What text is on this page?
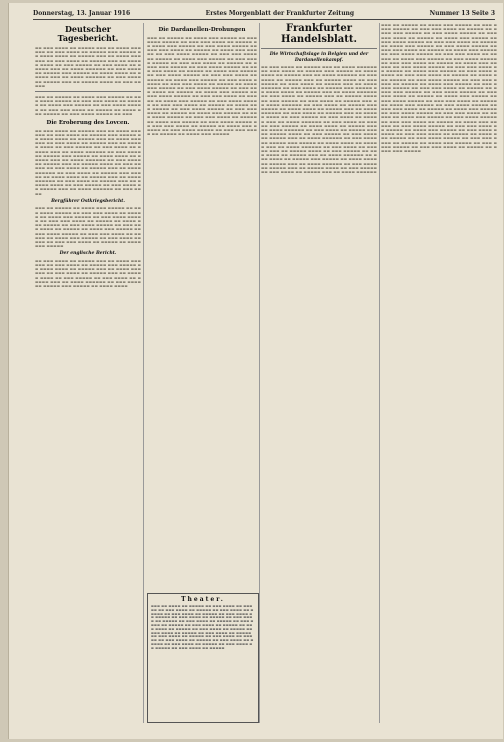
Donnerstag, 13. Januar 1916	Erstes Morgenblatt der Frankfurter Zeitung	Nummer 13 Seite 3
Deutscher Tagesbericht.
▬▬ ▬▬▬ ▬▬▬▬ ▬▬ ▬▬▬▬▬ ▬▬▬ ▬▬ ▬▬▬▬ ▬▬▬▬▬▬ ▬▬ ▬▬▬ ▬▬▬▬ ▬▬ ▬▬▬▬▬ ▬▬▬ ▬▬▬▬▬ ▬▬ ▬▬▬▬ ▬▬▬▬ ▬▬ ▬▬▬▬▬ ▬▬▬ ▬▬ ▬▬▬▬ ▬▬▬▬▬▬ ▬▬ ▬▬▬ ▬▬▬▬ ▬▬ ▬▬▬▬▬ ▬▬▬ ▬▬ ▬▬▬▬▬ ▬▬▬▬ ▬▬ ▬▬▬ ▬▬▬▬▬ ▬▬ ▬▬▬ ▬▬▬▬ ▬▬ ▬▬▬▬▬ ▬▬▬ ▬▬ ▬▬▬▬ ▬▬▬▬▬▬ ▬▬ ▬▬▬ ▬▬▬▬ ▬▬ ▬▬▬▬▬ ▬▬▬ ▬▬▬▬▬ ▬▬ ▬▬▬▬ ▬▬▬▬ ▬▬ ▬▬▬▬▬ ▬▬▬ ▬▬ ▬▬▬▬ ▬▬▬▬▬▬ ▬▬ ▬▬▬ ▬▬▬▬ ▬▬ ▬▬▬▬▬ ▬▬▬ ▬▬ ▬▬▬▬▬ ▬▬▬▬ ▬▬ ▬▬▬ ▬▬▬▬▬
▬▬▬ ▬▬ ▬▬▬▬▬ ▬▬ ▬▬▬▬ ▬▬▬ ▬▬▬▬▬ ▬▬ ▬▬▬ ▬▬▬▬ ▬▬▬▬▬ ▬▬ ▬▬▬ ▬▬▬ ▬▬▬▬ ▬▬ ▬▬▬▬▬ ▬▬ ▬▬▬▬ ▬▬▬ ▬▬▬▬▬ ▬▬ ▬▬▬ ▬▬▬▬ ▬▬▬▬▬ ▬▬ ▬▬▬ ▬▬▬ ▬▬▬▬ ▬▬ ▬▬▬▬▬ ▬▬ ▬▬▬▬ ▬▬▬ ▬▬▬▬▬ ▬▬ ▬▬▬ ▬▬▬▬ ▬▬▬▬▬ ▬▬ ▬▬▬
Die Eroberung des Lovcen.
▬▬ ▬▬▬ ▬▬▬▬ ▬▬ ▬▬▬▬▬ ▬▬▬ ▬▬ ▬▬▬▬ ▬▬▬▬▬▬ ▬▬ ▬▬▬ ▬▬▬▬ ▬▬ ▬▬▬▬▬ ▬▬▬ ▬▬▬▬▬ ▬▬ ▬▬▬▬ ▬▬▬▬ ▬▬ ▬▬▬▬▬ ▬▬▬ ▬▬ ▬▬▬▬ ▬▬▬▬▬▬ ▬▬ ▬▬▬ ▬▬▬▬ ▬▬ ▬▬▬▬▬ ▬▬▬ ▬▬ ▬▬▬▬▬ ▬▬▬▬ ▬▬ ▬▬▬ ▬▬▬▬▬ ▬▬ ▬▬▬ ▬▬▬▬ ▬▬ ▬▬▬▬▬ ▬▬▬ ▬▬ ▬▬▬▬ ▬▬▬▬▬▬ ▬▬ ▬▬▬ ▬▬▬▬ ▬▬ ▬▬▬▬▬ ▬▬▬ ▬▬▬▬▬ ▬▬ ▬▬▬▬ ▬▬▬▬ ▬▬ ▬▬▬▬▬ ▬▬▬ ▬▬ ▬▬▬▬ ▬▬▬▬▬▬ ▬▬ ▬▬▬ ▬▬▬▬ ▬▬ ▬▬▬▬▬ ▬▬▬ ▬▬ ▬▬▬▬▬ ▬▬▬▬ ▬▬ ▬▬▬ ▬▬▬▬▬ ▬▬ ▬▬▬ ▬▬▬▬ ▬▬ ▬▬▬▬▬ ▬▬▬ ▬▬ ▬▬▬▬ ▬▬▬▬▬▬ ▬▬ ▬▬▬ ▬▬▬▬ ▬▬ ▬▬▬▬▬ ▬▬▬ ▬▬▬▬▬ ▬▬ ▬▬▬▬ ▬▬▬▬ ▬▬ ▬▬▬▬▬ ▬▬▬ ▬▬ ▬▬▬▬ ▬▬▬▬▬▬ ▬▬ ▬▬▬ ▬▬▬▬ ▬▬ ▬▬▬▬▬ ▬▬▬ ▬▬ ▬▬▬▬▬ ▬▬▬▬ ▬▬ ▬▬▬ ▬▬▬▬▬ ▬▬ ▬▬▬ ▬▬▬▬ ▬▬ ▬▬▬▬▬ ▬▬▬ ▬▬ ▬▬▬▬ ▬▬▬▬▬▬ ▬▬ ▬▬▬ ▬▬▬▬
Bergführer Ostkriegsbericht.
▬▬▬ ▬▬ ▬▬▬▬▬ ▬▬ ▬▬▬▬ ▬▬▬ ▬▬▬▬▬ ▬▬ ▬▬▬ ▬▬▬▬ ▬▬▬▬▬ ▬▬ ▬▬▬ ▬▬▬ ▬▬▬▬ ▬▬ ▬▬▬▬▬ ▬▬ ▬▬▬▬ ▬▬▬ ▬▬▬▬▬ ▬▬ ▬▬▬ ▬▬▬▬ ▬▬▬▬▬ ▬▬ ▬▬▬ ▬▬▬ ▬▬▬▬ ▬▬ ▬▬▬▬▬ ▬▬ ▬▬▬▬ ▬▬▬ ▬▬▬▬▬ ▬▬ ▬▬▬ ▬▬▬▬ ▬▬▬▬▬ ▬▬ ▬▬▬ ▬▬▬ ▬▬▬▬ ▬▬ ▬▬▬▬▬ ▬▬ ▬▬▬▬ ▬▬▬ ▬▬▬▬▬ ▬▬ ▬▬▬ ▬▬▬▬ ▬▬▬▬▬ ▬▬ ▬▬▬ ▬▬▬ ▬▬▬▬ ▬▬ ▬▬▬▬▬ ▬▬ ▬▬▬▬ ▬▬▬ ▬▬▬▬▬ ▬▬ ▬▬▬ ▬▬▬▬ ▬▬▬▬▬ ▬▬ ▬▬▬ ▬▬▬ ▬▬▬▬ ▬▬ ▬▬▬▬▬ ▬▬ ▬▬▬▬ ▬▬▬ ▬▬▬▬▬
Der englische Bericht.
▬▬ ▬▬▬ ▬▬▬▬ ▬▬ ▬▬▬▬▬ ▬▬▬ ▬▬ ▬▬▬▬ ▬▬▬▬▬▬ ▬▬ ▬▬▬ ▬▬▬▬ ▬▬ ▬▬▬▬▬ ▬▬▬ ▬▬▬▬▬ ▬▬ ▬▬▬▬ ▬▬▬▬ ▬▬ ▬▬▬▬▬ ▬▬▬ ▬▬ ▬▬▬▬ ▬▬▬▬▬▬ ▬▬ ▬▬▬ ▬▬▬▬ ▬▬ ▬▬▬▬▬ ▬▬▬ ▬▬ ▬▬▬▬▬ ▬▬▬▬ ▬▬ ▬▬▬ ▬▬▬▬▬ ▬▬ ▬▬▬ ▬▬▬▬ ▬▬ ▬▬▬▬▬ ▬▬▬ ▬▬ ▬▬▬▬ ▬▬▬▬▬▬ ▬▬ ▬▬▬ ▬▬▬▬ ▬▬ ▬▬▬▬▬ ▬▬▬ ▬▬▬▬▬ ▬▬ ▬▬▬▬ ▬▬▬▬
Die Dardanellen-Drohungen
▬▬▬ ▬▬ ▬▬▬▬▬ ▬▬ ▬▬▬▬ ▬▬▬ ▬▬▬▬▬ ▬▬ ▬▬▬ ▬▬▬▬ ▬▬▬▬▬ ▬▬ ▬▬▬ ▬▬▬ ▬▬▬▬ ▬▬ ▬▬▬▬▬ ▬▬ ▬▬▬▬ ▬▬▬ ▬▬▬▬▬ ▬▬ ▬▬▬ ▬▬▬▬ ▬▬▬▬▬ ▬▬ ▬▬▬ ▬▬▬ ▬▬▬▬ ▬▬ ▬▬▬▬▬ ▬▬ ▬▬▬▬ ▬▬▬ ▬▬▬▬▬ ▬▬ ▬▬▬ ▬▬▬▬ ▬▬▬▬▬ ▬▬ ▬▬▬ ▬▬▬ ▬▬▬▬ ▬▬ ▬▬▬▬▬ ▬▬ ▬▬▬▬ ▬▬▬ ▬▬▬▬▬ ▬▬ ▬▬▬ ▬▬▬▬ ▬▬▬▬▬ ▬▬ ▬▬▬ ▬▬▬ ▬▬▬▬ ▬▬ ▬▬▬▬▬ ▬▬ ▬▬▬▬ ▬▬▬ ▬▬▬▬▬ ▬▬ ▬▬▬ ▬▬▬▬ ▬▬▬▬▬ ▬▬ ▬▬▬ ▬▬▬ ▬▬▬▬ ▬▬ ▬▬▬▬▬ ▬▬ ▬▬▬▬ ▬▬▬ ▬▬▬▬▬ ▬▬ ▬▬▬ ▬▬▬▬ ▬▬▬▬▬ ▬▬ ▬▬▬ ▬▬▬ ▬▬▬▬ ▬▬ ▬▬▬▬▬ ▬▬ ▬▬▬▬ ▬▬▬ ▬▬▬▬▬ ▬▬ ▬▬▬ ▬▬▬▬ ▬▬▬▬▬ ▬▬ ▬▬▬ ▬▬▬ ▬▬▬▬ ▬▬ ▬▬▬▬▬ ▬▬ ▬▬▬▬ ▬▬▬ ▬▬▬▬▬ ▬▬ ▬▬▬ ▬▬▬▬ ▬▬▬▬▬ ▬▬ ▬▬▬ ▬▬▬ ▬▬▬▬ ▬▬ ▬▬▬▬▬ ▬▬ ▬▬▬▬ ▬▬▬ ▬▬▬▬▬ ▬▬ ▬▬▬ ▬▬▬▬ ▬▬▬▬▬ ▬▬ ▬▬▬ ▬▬▬ ▬▬▬▬ ▬▬ ▬▬▬▬▬ ▬▬ ▬▬▬▬ ▬▬▬ ▬▬▬▬▬ ▬▬ ▬▬▬ ▬▬▬▬ ▬▬▬▬▬ ▬▬ ▬▬▬ ▬▬▬ ▬▬▬▬ ▬▬ ▬▬▬▬▬ ▬▬ ▬▬▬▬ ▬▬▬ ▬▬▬▬▬ ▬▬ ▬▬▬ ▬▬▬▬ ▬▬▬▬▬ ▬▬ ▬▬▬ ▬▬▬ ▬▬▬▬ ▬▬ ▬▬▬▬▬ ▬▬ ▬▬▬▬ ▬▬▬ ▬▬▬▬▬ ▬▬ ▬▬▬ ▬▬▬▬ ▬▬▬▬▬ ▬▬ ▬▬▬ ▬▬▬ ▬▬▬▬ ▬▬ ▬▬▬▬▬ ▬▬ ▬▬▬▬ ▬▬▬ ▬▬▬▬▬ ▬▬ ▬▬▬ ▬▬▬▬ ▬▬▬▬▬ ▬▬ ▬▬▬ ▬▬▬ ▬▬▬▬ ▬▬ ▬▬▬▬▬ ▬▬ ▬▬▬▬ ▬▬▬ ▬▬▬▬▬ ▬▬ ▬▬▬ ▬▬▬▬ ▬▬▬▬▬ ▬▬ ▬▬▬ ▬▬▬ ▬▬▬▬ ▬▬ ▬▬▬▬▬ ▬▬ ▬▬▬▬ ▬▬▬ ▬▬▬▬▬
Theater.
▬▬▬ ▬▬ ▬▬▬▬ ▬▬ ▬▬▬▬▬ ▬▬ ▬▬▬ ▬▬▬▬ ▬▬ ▬▬▬▬▬ ▬▬ ▬▬▬ ▬▬▬▬ ▬▬ ▬▬▬▬▬ ▬▬ ▬▬▬ ▬▬▬▬ ▬▬ ▬▬▬▬▬ ▬▬ ▬▬▬ ▬▬▬▬ ▬▬ ▬▬▬▬▬ ▬▬ ▬▬▬ ▬▬▬▬ ▬▬ ▬▬▬▬▬ ▬▬ ▬▬▬ ▬▬▬▬ ▬▬ ▬▬▬▬▬ ▬▬ ▬▬▬ ▬▬▬▬ ▬▬ ▬▬▬▬▬ ▬▬ ▬▬▬ ▬▬▬▬ ▬▬ ▬▬▬▬▬ ▬▬ ▬▬▬ ▬▬▬▬ ▬▬ ▬▬▬▬▬ ▬▬ ▬▬▬ ▬▬▬▬ ▬▬ ▬▬▬▬▬ ▬▬ ▬▬▬ ▬▬▬▬ ▬▬ ▬▬▬▬▬ ▬▬ ▬▬▬ ▬▬▬▬ ▬▬ ▬▬▬▬▬ ▬▬ ▬▬▬ ▬▬▬▬ ▬▬ ▬▬▬▬▬ ▬▬ ▬▬▬ ▬▬▬▬ ▬▬ ▬▬▬▬▬ ▬▬ ▬▬▬ ▬▬▬▬ ▬▬ ▬▬▬▬▬ ▬▬ ▬▬▬ ▬▬▬▬ ▬▬ ▬▬▬▬▬ ▬▬ ▬▬▬ ▬▬▬▬ ▬▬ ▬▬▬▬▬ ▬▬ ▬▬▬ ▬▬▬▬ ▬▬ ▬▬▬▬▬ ▬▬ ▬▬▬ ▬▬▬▬ ▬▬ ▬▬▬▬▬ ▬▬ ▬▬▬ ▬▬▬▬ ▬▬ ▬▬▬▬▬ ▬▬ ▬▬▬ ▬▬▬▬ ▬▬ ▬▬▬▬▬
Frankfurter Handelsblatt.
Die Wirtschaftslage in Belgien und der Dardanellenkampf.
▬▬ ▬▬▬ ▬▬▬▬ ▬▬ ▬▬▬▬▬ ▬▬▬ ▬▬ ▬▬▬▬ ▬▬▬▬▬▬ ▬▬ ▬▬▬ ▬▬▬▬ ▬▬ ▬▬▬▬▬ ▬▬▬ ▬▬▬▬▬ ▬▬ ▬▬▬▬ ▬▬▬▬ ▬▬ ▬▬▬▬▬ ▬▬▬ ▬▬ ▬▬▬▬ ▬▬▬▬▬▬ ▬▬ ▬▬▬ ▬▬▬▬ ▬▬ ▬▬▬▬▬ ▬▬▬ ▬▬ ▬▬▬▬▬ ▬▬▬▬ ▬▬ ▬▬▬ ▬▬▬▬▬ ▬▬ ▬▬▬ ▬▬▬▬ ▬▬ ▬▬▬▬▬ ▬▬▬ ▬▬ ▬▬▬▬ ▬▬▬▬▬▬ ▬▬ ▬▬▬ ▬▬▬▬ ▬▬ ▬▬▬▬▬ ▬▬▬ ▬▬▬▬▬ ▬▬ ▬▬▬▬ ▬▬▬▬ ▬▬ ▬▬▬▬▬ ▬▬▬ ▬▬ ▬▬▬▬ ▬▬▬▬▬▬ ▬▬ ▬▬▬ ▬▬▬▬ ▬▬ ▬▬▬▬▬ ▬▬▬ ▬▬ ▬▬▬▬▬ ▬▬▬▬ ▬▬ ▬▬▬ ▬▬▬▬▬ ▬▬ ▬▬▬ ▬▬▬▬ ▬▬ ▬▬▬▬▬ ▬▬▬ ▬▬ ▬▬▬▬ ▬▬▬▬▬▬ ▬▬ ▬▬▬ ▬▬▬▬ ▬▬ ▬▬▬▬▬ ▬▬▬ ▬▬▬▬▬ ▬▬ ▬▬▬▬ ▬▬▬▬ ▬▬ ▬▬▬▬▬ ▬▬▬ ▬▬ ▬▬▬▬ ▬▬▬▬▬▬ ▬▬ ▬▬▬ ▬▬▬▬ ▬▬ ▬▬▬▬▬ ▬▬▬ ▬▬ ▬▬▬▬▬ ▬▬▬▬ ▬▬ ▬▬▬ ▬▬▬▬▬ ▬▬ ▬▬▬ ▬▬▬▬ ▬▬ ▬▬▬▬▬ ▬▬▬ ▬▬ ▬▬▬▬ ▬▬▬▬▬▬ ▬▬ ▬▬▬ ▬▬▬▬ ▬▬ ▬▬▬▬▬ ▬▬▬ ▬▬▬▬▬ ▬▬ ▬▬▬▬ ▬▬▬▬ ▬▬ ▬▬▬▬▬ ▬▬▬ ▬▬ ▬▬▬▬ ▬▬▬▬▬▬ ▬▬ ▬▬▬ ▬▬▬▬ ▬▬ ▬▬▬▬▬ ▬▬▬ ▬▬ ▬▬▬▬▬ ▬▬▬▬ ▬▬ ▬▬▬ ▬▬▬▬▬ ▬▬ ▬▬▬ ▬▬▬▬ ▬▬ ▬▬▬▬▬ ▬▬▬ ▬▬ ▬▬▬▬ ▬▬▬▬▬▬ ▬▬ ▬▬▬ ▬▬▬▬ ▬▬ ▬▬▬▬▬ ▬▬▬ ▬▬▬▬▬ ▬▬ ▬▬▬▬ ▬▬▬▬ ▬▬ ▬▬▬▬▬ ▬▬▬ ▬▬ ▬▬▬▬ ▬▬▬▬▬▬ ▬▬ ▬▬▬ ▬▬▬▬ ▬▬ ▬▬▬▬▬ ▬▬▬ ▬▬ ▬▬▬▬▬ ▬▬▬▬ ▬▬ ▬▬▬ ▬▬▬▬▬ ▬▬ ▬▬▬ ▬▬▬▬ ▬▬ ▬▬▬▬▬ ▬▬▬ ▬▬ ▬▬▬▬ ▬▬▬▬▬▬ ▬▬ ▬▬▬ ▬▬▬▬ ▬▬ ▬▬▬▬▬ ▬▬▬ ▬▬▬▬▬ ▬▬ ▬▬▬▬ ▬▬▬▬ ▬▬ ▬▬▬▬▬ ▬▬▬ ▬▬ ▬▬▬▬ ▬▬▬▬▬▬ ▬▬ ▬▬▬ ▬▬▬▬ ▬▬ ▬▬▬▬▬ ▬▬▬ ▬▬ ▬▬▬▬▬ ▬▬▬▬ ▬▬ ▬▬▬ ▬▬▬▬▬ ▬▬ ▬▬▬ ▬▬▬▬ ▬▬ ▬▬▬▬▬ ▬▬▬ ▬▬ ▬▬▬▬ ▬▬▬▬▬▬
▬▬▬ ▬▬ ▬▬▬▬▬ ▬▬ ▬▬▬▬ ▬▬▬ ▬▬▬▬▬ ▬▬ ▬▬▬ ▬▬▬▬ ▬▬▬▬▬ ▬▬ ▬▬▬ ▬▬▬ ▬▬▬▬ ▬▬ ▬▬▬▬▬ ▬▬ ▬▬▬▬ ▬▬▬ ▬▬▬▬▬ ▬▬ ▬▬▬ ▬▬▬▬ ▬▬▬▬▬ ▬▬ ▬▬▬ ▬▬▬ ▬▬▬▬ ▬▬ ▬▬▬▬▬ ▬▬ ▬▬▬▬ ▬▬▬ ▬▬▬▬▬ ▬▬ ▬▬▬ ▬▬▬▬ ▬▬▬▬▬ ▬▬ ▬▬▬ ▬▬▬ ▬▬▬▬ ▬▬ ▬▬▬▬▬ ▬▬ ▬▬▬▬ ▬▬▬ ▬▬▬▬▬ ▬▬ ▬▬▬ ▬▬▬▬ ▬▬▬▬▬ ▬▬ ▬▬▬ ▬▬▬ ▬▬▬▬ ▬▬ ▬▬▬▬▬ ▬▬ ▬▬▬▬ ▬▬▬ ▬▬▬▬▬ ▬▬ ▬▬▬ ▬▬▬▬ ▬▬▬▬▬ ▬▬ ▬▬▬ ▬▬▬ ▬▬▬▬ ▬▬ ▬▬▬▬▬ ▬▬ ▬▬▬▬ ▬▬▬ ▬▬▬▬▬ ▬▬ ▬▬▬ ▬▬▬▬ ▬▬▬▬▬ ▬▬ ▬▬▬ ▬▬▬ ▬▬▬▬ ▬▬ ▬▬▬▬▬ ▬▬ ▬▬▬▬ ▬▬▬ ▬▬▬▬▬ ▬▬ ▬▬▬ ▬▬▬▬ ▬▬▬▬▬ ▬▬ ▬▬▬ ▬▬▬ ▬▬▬▬ ▬▬ ▬▬▬▬▬ ▬▬ ▬▬▬▬ ▬▬▬ ▬▬▬▬▬ ▬▬ ▬▬▬ ▬▬▬▬ ▬▬▬▬▬ ▬▬ ▬▬▬ ▬▬▬ ▬▬▬▬ ▬▬ ▬▬▬▬▬ ▬▬ ▬▬▬▬ ▬▬▬ ▬▬▬▬▬ ▬▬ ▬▬▬ ▬▬▬▬ ▬▬▬▬▬ ▬▬ ▬▬▬ ▬▬▬ ▬▬▬▬ ▬▬ ▬▬▬▬▬ ▬▬ ▬▬▬▬ ▬▬▬ ▬▬▬▬▬ ▬▬ ▬▬▬ ▬▬▬▬ ▬▬▬▬▬ ▬▬ ▬▬▬ ▬▬▬ ▬▬▬▬ ▬▬ ▬▬▬▬▬ ▬▬ ▬▬▬▬ ▬▬▬ ▬▬▬▬▬ ▬▬ ▬▬▬ ▬▬▬▬ ▬▬▬▬▬ ▬▬ ▬▬▬ ▬▬▬ ▬▬▬▬ ▬▬ ▬▬▬▬▬ ▬▬ ▬▬▬▬ ▬▬▬ ▬▬▬▬▬ ▬▬ ▬▬▬ ▬▬▬▬ ▬▬▬▬▬ ▬▬ ▬▬▬ ▬▬▬ ▬▬▬▬ ▬▬ ▬▬▬▬▬ ▬▬ ▬▬▬▬ ▬▬▬ ▬▬▬▬▬ ▬▬ ▬▬▬ ▬▬▬▬ ▬▬▬▬▬ ▬▬ ▬▬▬ ▬▬▬ ▬▬▬▬ ▬▬ ▬▬▬▬▬ ▬▬ ▬▬▬▬ ▬▬▬ ▬▬▬▬▬ ▬▬ ▬▬▬ ▬▬▬▬ ▬▬▬▬▬ ▬▬ ▬▬▬ ▬▬▬ ▬▬▬▬ ▬▬ ▬▬▬▬▬ ▬▬ ▬▬▬▬ ▬▬▬ ▬▬▬▬▬ ▬▬ ▬▬▬ ▬▬▬▬ ▬▬▬▬▬ ▬▬ ▬▬▬ ▬▬▬ ▬▬▬▬ ▬▬ ▬▬▬▬▬ ▬▬ ▬▬▬▬ ▬▬▬ ▬▬▬▬▬ ▬▬ ▬▬▬ ▬▬▬▬ ▬▬▬▬▬ ▬▬ ▬▬▬ ▬▬▬ ▬▬▬▬ ▬▬ ▬▬▬▬▬ ▬▬ ▬▬▬▬ ▬▬▬ ▬▬▬▬▬ ▬▬ ▬▬▬ ▬▬▬▬ ▬▬▬▬▬ ▬▬ ▬▬▬ ▬▬▬ ▬▬▬▬ ▬▬ ▬▬▬▬▬ ▬▬ ▬▬▬▬ ▬▬▬ ▬▬▬▬▬ ▬▬ ▬▬▬ ▬▬▬▬ ▬▬▬▬▬ ▬▬ ▬▬▬ ▬▬▬ ▬▬▬▬ ▬▬ ▬▬▬▬▬ ▬▬ ▬▬▬▬ ▬▬▬ ▬▬▬▬▬ ▬▬ ▬▬▬ ▬▬▬▬ ▬▬▬▬▬ ▬▬ ▬▬▬ ▬▬▬ ▬▬▬▬ ▬▬ ▬▬▬▬▬ ▬▬ ▬▬▬▬ ▬▬▬ ▬▬▬▬▬
